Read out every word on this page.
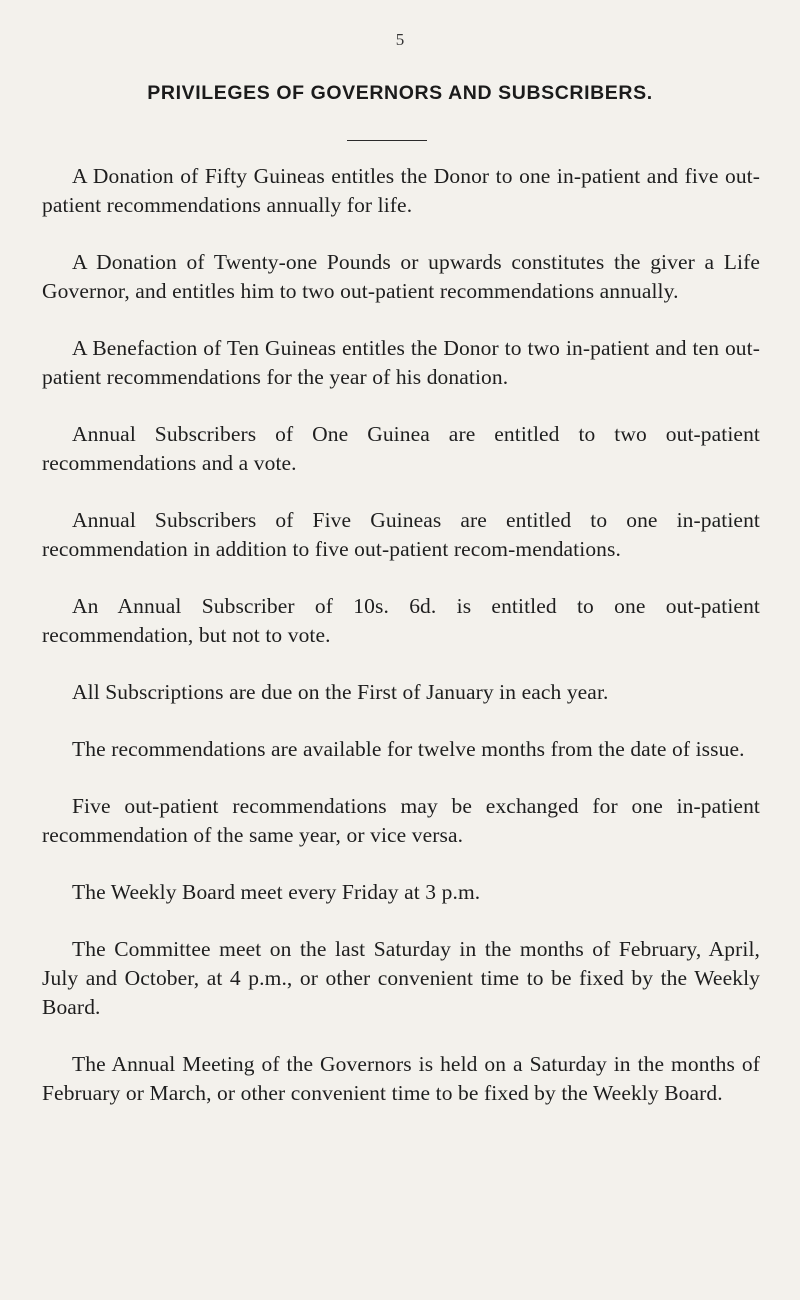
5
PRIVILEGES OF GOVERNORS AND SUBSCRIBERS.

A Donation of Fifty Guineas entitles the Donor to one in-patient and five out-patient recommendations annually for life.

A Donation of Twenty-one Pounds or upwards constitutes the giver a Life Governor, and entitles him to two out-patient recommendations annually.

A Benefaction of Ten Guineas entitles the Donor to two in-patient and ten out-patient recommendations for the year of his donation.

Annual Subscribers of One Guinea are entitled to two out-patient recommendations and a vote.

Annual Subscribers of Five Guineas are entitled to one in-patient recommendation in addition to five out-patient recom-mendations.

An Annual Subscriber of 10s. 6d. is entitled to one out-patient recommendation, but not to vote.

All Subscriptions are due on the First of January in each year.

The recommendations are available for twelve months from the date of issue.

Five out-patient recommendations may be exchanged for one in-patient recommendation of the same year, or vice versa.

The Weekly Board meet every Friday at 3 p.m.

The Committee meet on the last Saturday in the months of February, April, July and October, at 4 p.m., or other convenient time to be fixed by the Weekly Board.

The Annual Meeting of the Governors is held on a Saturday in the months of February or March, or other convenient time to be fixed by the Weekly Board.
